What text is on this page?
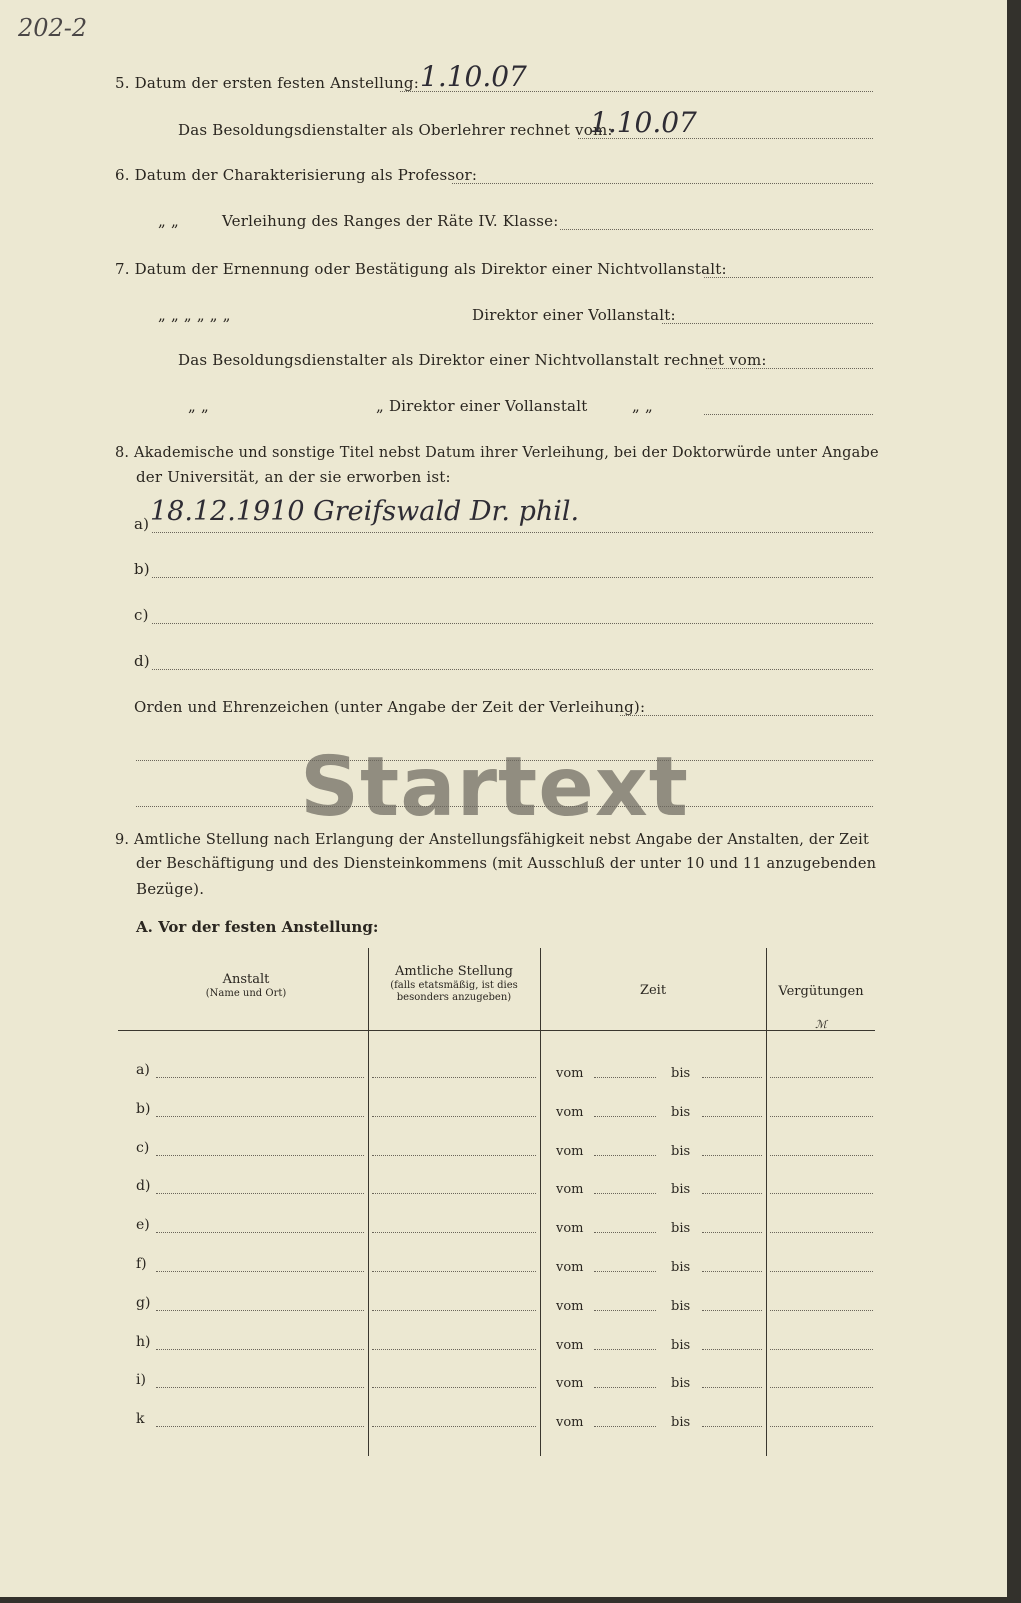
202-2
5. Datum der ersten festen Anstellung: 1.10.07
Das Besoldungsdienstalter als Oberlehrer rechnet vom:
1.10.07
6. Datum der Charakterisierung als Professor:
„ „	Verleihung des Ranges der Räte IV. Klasse:
7. Datum der Ernennung oder Bestätigung als Direktor einer Nichtvollanstalt:
„ „ „ „ „ „	Direktor einer Vollanstalt:
Das Besoldungsdienstalter als Direktor einer Nichtvollanstalt rechnet vom:
„ „	„ Direktor einer Vollanstalt	„ „
8. Akademische und sonstige Titel nebst Datum ihrer Verleihung, bei der Doktorwürde unter Angabe
der Universität, an der sie erworben ist:
a) 18.12.1910 Greifswald Dr. phil.
b)
c)
d)
Orden und Ehrenzeichen (unter Angabe der Zeit der Verleihung):
Startext
9. Amtliche Stellung nach Erlangung der Anstellungsfähigkeit nebst Angabe der Anstalten, der Zeit
der Beschäftigung und des Diensteinkommens (mit Ausschluß der unter 10 und 11 anzugebenden
Bezüge).
A. Vor der festen Anstellung:
Anstalt
(Name und Ort)
Amtliche Stellung
(falls etatsmäßig, ist dies
besonders anzugeben)	Zeit	Vergütungen
ℳ
a)	vom	bis
b)	vom	bis
c)	vom	bis
d)	vom	bis
e)	vom	bis
f)	vom	bis
g)	vom	bis
h)	vom	bis
i)	vom	bis
k	vom	bis
